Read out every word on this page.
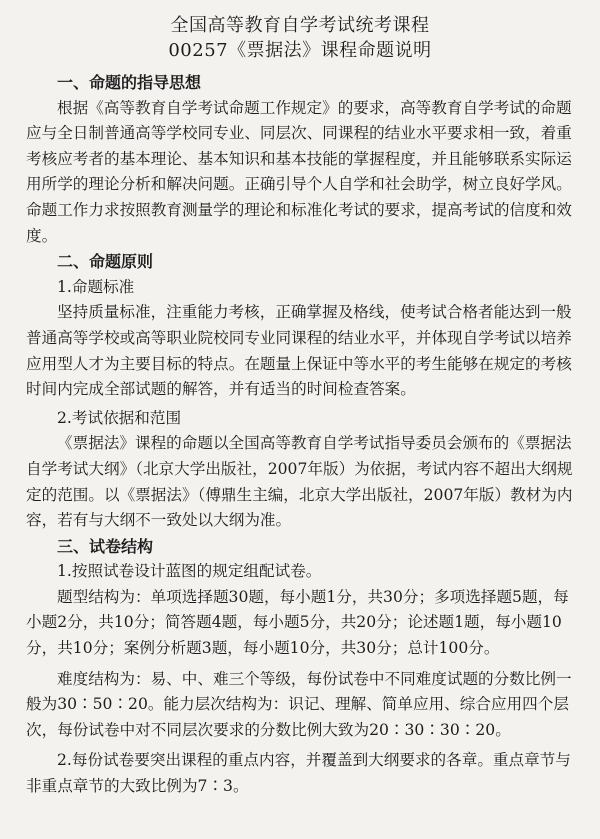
全国高等教育自学考试统考课程
00257《票据法》课程命题说明

一、命题的指导思想

根据《高等教育自学考试命题工作规定》的要求，高等教育自学考试的命题应与全日制普通高等学校同专业、同层次、同课程的结业水平要求相一致，着重考核应考者的基本理论、基本知识和基本技能的掌握程度，并且能够联系实际运用所学的理论分析和解决问题。正确引导个人自学和社会助学，树立良好学风。命题工作力求按照教育测量学的理论和标准化考试的要求，提高考试的信度和效度。

二、命题原则

1.命题标准

坚持质量标准，注重能力考核，正确掌握及格线，使考试合格者能达到一般普通高等学校或高等职业院校同专业同课程的结业水平，并体现自学考试以培养应用型人才为主要目标的特点。在题量上保证中等水平的考生能够在规定的考核时间内完成全部试题的解答，并有适当的时间检查答案。

2.考试依据和范围

《票据法》课程的命题以全国高等教育自学考试指导委员会颁布的《票据法自学考试大纲》（北京大学出版社，2007年版）为依据，考试内容不超出大纲规定的范围。以《票据法》（傅鼎生主编，北京大学出版社，2007年版）教材为内容，若有与大纲不一致处以大纲为准。

三、试卷结构

1.按照试卷设计蓝图的规定组配试卷。

题型结构为：单项选择题30题，每小题1分，共30分；多项选择题5题，每小题2分，共10分；简答题4题，每小题5分，共20分；论述题1题，每小题10分，共10分；案例分析题3题，每小题10分，共30分；总计100分。

难度结构为：易、中、难三个等级，每份试卷中不同难度试题的分数比例一般为30∶50∶20。能力层次结构为：识记、理解、简单应用、综合应用四个层次，每份试卷中对不同层次要求的分数比例大致为20∶30∶30∶20。

2.每份试卷要突出课程的重点内容，并覆盖到大纲要求的各章。重点章节与非重点章节的大致比例为7∶3。
